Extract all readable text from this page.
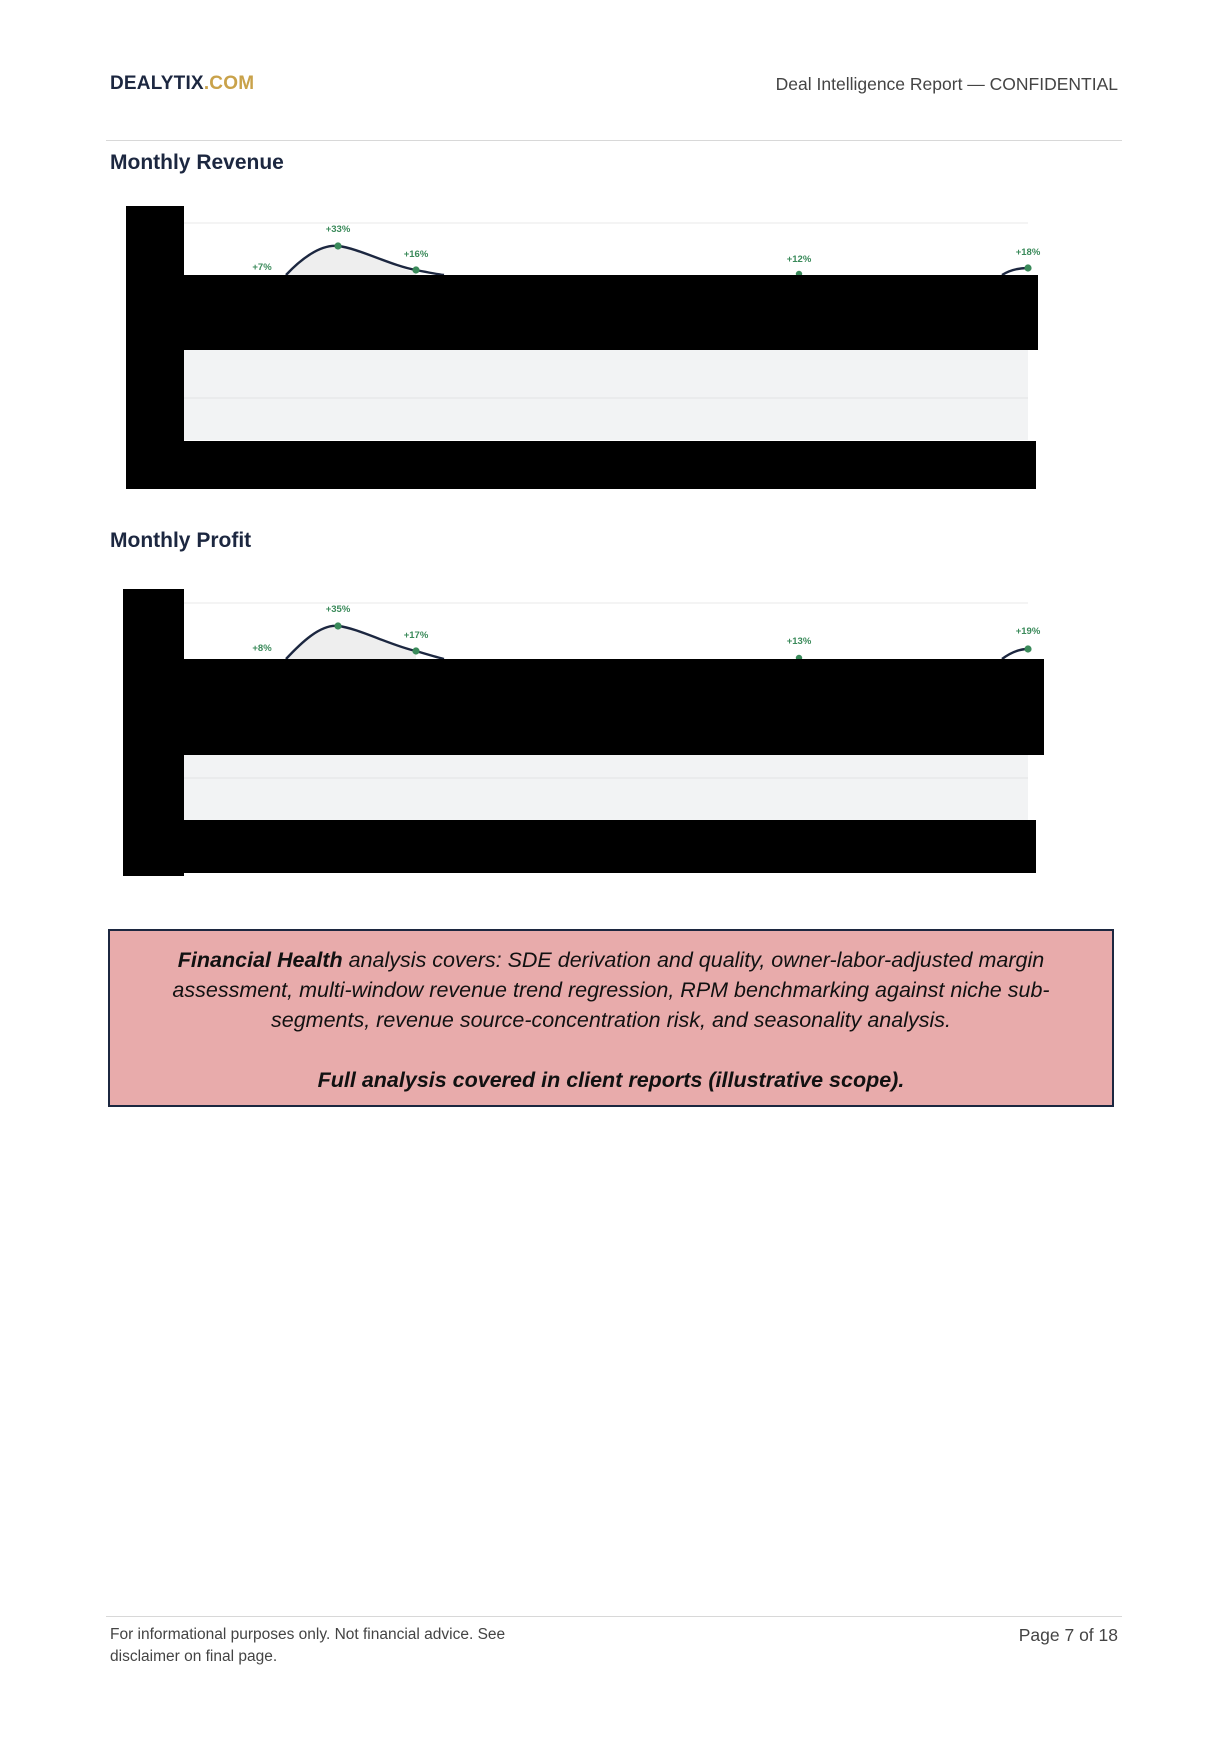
DEALYTIX.COM	Deal Intelligence Report — CONFIDENTIAL
Monthly Revenue
Monthly Profit
+7%
+33%
+16%	+12%
+18%
+8%
+35%
+17%
+13%
+19%
Financial Health analysis covers: SDE derivation and quality, owner-labor-adjusted margin assessment, multi-window revenue trend regression, RPM benchmarking against niche sub-segments, revenue source-concentration risk, and seasonality analysis.
Full analysis covered in client reports (illustrative scope).
For informational purposes only. Not financial advice. See disclaimer on final page.
Page 7 of 18
